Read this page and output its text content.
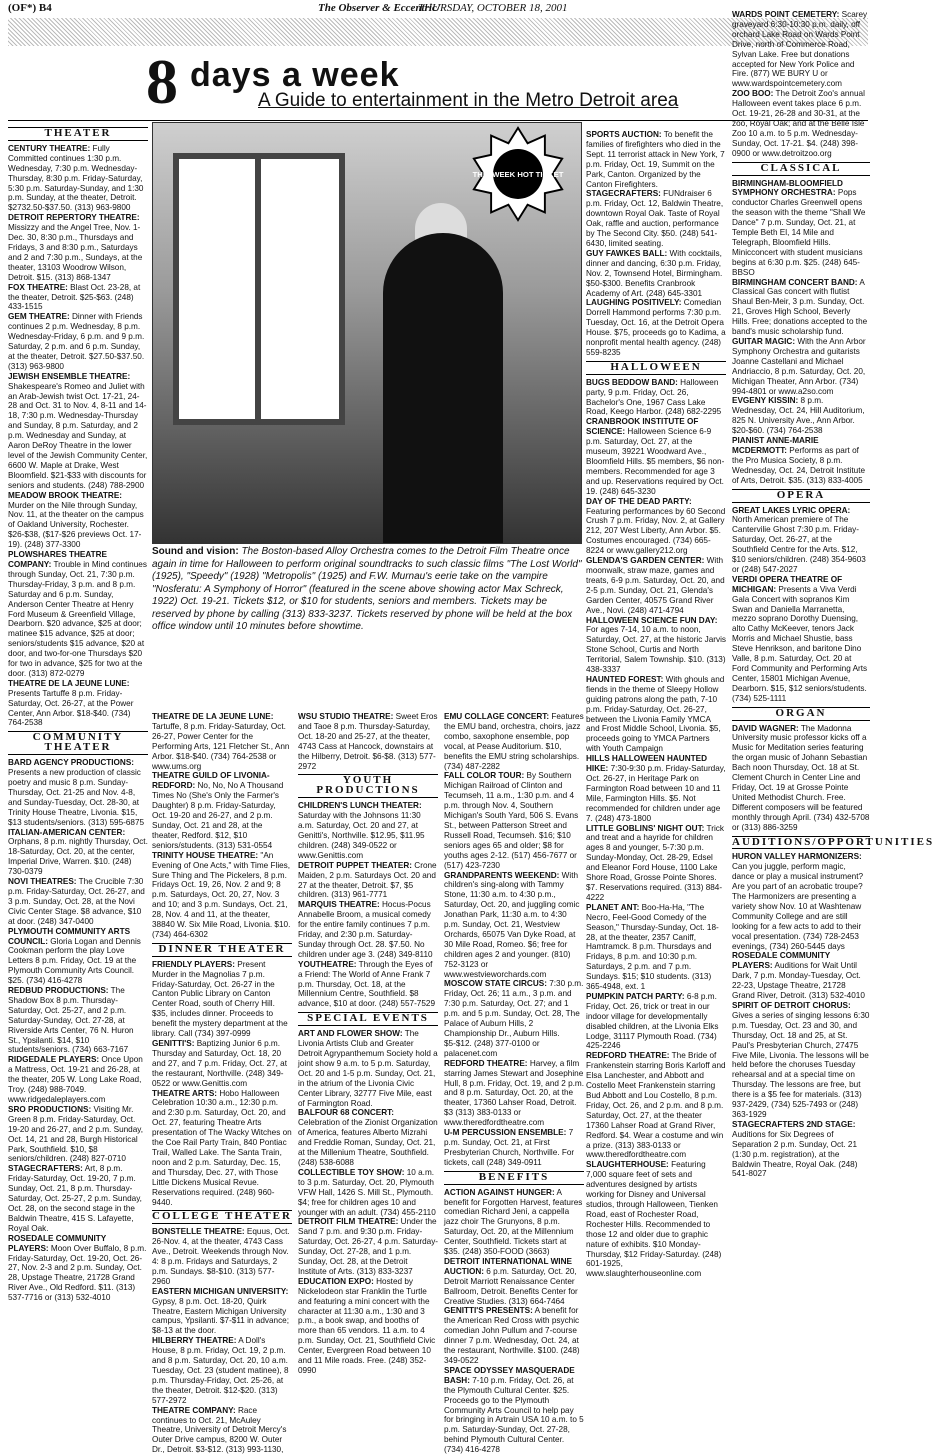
(OF*) B4	The Observer & Eccentric/
THURSDAY, OCTOBER 18, 2001
8 days a week
A Guide to entertainment in the Metro Detroit area
THIS WEEK HOT TICKET
Sound and vision: The Boston-based Alloy Orchestra comes to the Detroit Film Theatre once again in time for Halloween to perform original soundtracks to such classic films "The Lost World" (1925), "Speedy" (1928) "Metropolis" (1925) and F.W. Murnau's eerie take on the vampire "Nosferatu: A Symphony of Horror" (featured in the scene above showing actor Max Schreck, 1922) Oct. 19-21. Tickets $12, or $10 for students, seniors and members. Tickets may be reserved by phone by calling (313) 833-3237. Tickets reserved by phone will be held at the box office window until 10 minutes before showtime.
THEATER

CENTURY THEATRE: Fully Committed continues 1:30 p.m. Wednesday, 7:30 p.m. Wednesday-Thursday, 8:30 p.m. Friday-Saturday, 5:30 p.m. Saturday-Sunday, and 1:30 p.m. Sunday, at the theater, Detroit. $2732.50-$37.50. (313) 963-9800

DETROIT REPERTORY THEATRE: Missizzy and the Angel Tree, Nov. 1-Dec. 30, 8:30 p.m., Thursdays and Fridays, 3 and 8:30 p.m., Saturdays and 2 and 7:30 p.m., Sundays, at the theater, 13103 Woodrow Wilson, Detroit. $15. (313) 868-1347

FOX THEATRE: Blast Oct. 23-28, at the theater, Detroit. $25-$63. (248) 433-1515

GEM THEATRE: Dinner with Friends continues 2 p.m. Wednesday, 8 p.m. Wednesday-Friday, 6 p.m. and 9 p.m. Saturday, 2 p.m. and 6 p.m. Sunday, at the theater, Detroit. $27.50-$37.50. (313) 963-9800

JEWISH ENSEMBLE THEATRE: Shakespeare's Romeo and Juliet with an Arab-Jewish twist Oct. 17-21, 24-28 and Oct. 31 to Nov. 4, 8-11 and 14-18, 7:30 p.m. Wednesday-Thursday and Sunday, 8 p.m. Saturday, and 2 p.m. Wednesday and Sunday, at Aaron DeRoy Theatre in the lower level of the Jewish Community Center, 6600 W. Maple at Drake, West Bloomfield. $21-$33 with discounts for seniors and students. (248) 788-2900

MEADOW BROOK THEATRE: Murder on the Nile through Sunday, Nov. 11, at the theater on the campus of Oakland University, Rochester. $26-$38, ($17-$26 previews Oct. 17-19). (248) 377-3300

PLOWSHARES THEATRE COMPANY: Trouble in Mind continues through Sunday, Oct. 21, 7:30 p.m. Thursday-Friday, 3 p.m. and 8 p.m. Saturday and 6 p.m. Sunday, Anderson Center Theatre at Henry Ford Museum & Greenfield Village, Dearborn. $20 advance, $25 at door; matinee $15 advance, $25 at door; seniors/students $15 advance, $20 at door, and two-for-one Thursdays $20 for two in advance, $25 for two at the door. (313) 872-0279

THEATRE DE LA JEUNE LUNE: Presents Tartuffe 8 p.m. Friday-Saturday, Oct. 26-27, at the Power Center, Ann Arbor. $18-$40. (734) 764-2538

COMMUNITY THEATER

BARD AGENCY PRODUCTIONS: Presents a new production of classic poetry and music 8 p.m. Sunday-Thursday, Oct. 21-25 and Nov. 4-8, and Sunday-Tuesday, Oct. 28-30, at Trinity House Theatre, Livonia. $15, $13 students/seniors. (313) 595-6875

ITALIAN-AMERICAN CENTER: Orphans, 8 p.m. nightly Thursday, Oct. 18-Saturday, Oct. 20, at the center, Imperial Drive, Warren. $10. (248) 730-0379

NOVI THEATRES: The Crucible 7:30 p.m. Friday-Saturday, Oct. 26-27, and 3 p.m. Sunday, Oct. 28, at the Novi Civic Center Stage. $8 advance, $10 at door. (248) 347-0400

PLYMOUTH COMMUNITY ARTS COUNCIL: Gloria Logan and Dennis Cookman perform the play Love Letters 8 p.m. Friday, Oct. 19 at the Plymouth Community Arts Council. $25. (734) 416-4278

REDBUD PRODUCTIONS: The Shadow Box 8 p.m. Thursday-Saturday, Oct. 25-27, and 2 p.m. Saturday-Sunday, Oct. 27-28, at Riverside Arts Center, 76 N. Huron St., Ypsilanti. $14, $10 students/seniors. (734) 663-7167

RIDGEDALE PLAYERS: Once Upon a Mattress, Oct. 19-21 and 26-28, at the theater, 205 W. Long Lake Road, Troy. (248) 988-7049. www.ridgedaleplayers.com

SRO PRODUCTIONS: Visiting Mr. Green 8 p.m. Friday-Saturday, Oct. 19-20 and 26-27, and 2 p.m. Sunday, Oct. 14, 21 and 28, Burgh Historical Park, Southfield. $10, $8 seniors/children. (248) 827-0710

STAGECRAFTERS: Art, 8 p.m. Friday-Saturday, Oct. 19-20, 7 p.m. Sunday, Oct. 21, 8 p.m. Thursday-Saturday, Oct. 25-27, 2 p.m. Sunday, Oct. 28, on the second stage in the Baldwin Theatre, 415 S. Lafayette, Royal Oak.

ROSEDALE COMMUNITY PLAYERS: Moon Over Buffalo, 8 p.m. Friday-Saturday, Oct. 19-20, Oct. 26-27, Nov. 2-3 and 2 p.m. Sunday, Oct. 28, Upstage Theatre, 21728 Grand River Ave., Old Redford. $11. (313) 537-7716 or (313) 532-4010

THEATRE DE LA JEUNE LUNE: Tartuffe, 8 p.m. Friday-Saturday, Oct. 26-27, Power Center for the Performing Arts, 121 Fletcher St., Ann Arbor. $18-$40. (734) 764-2538 or www.ums.org

THEATRE GUILD OF LIVONIA-REDFORD: No, No, No A Thousand Times No (She's Only the Farmer's Daughter) 8 p.m. Friday-Saturday, Oct. 19-20 and 26-27, and 2 p.m. Sunday, Oct. 21 and 28, at the theater, Redford. $12, $10 seniors/students. (313) 531-0554

TRINITY HOUSE THEATRE: "An Evening of One Acts," with Time Flies, Sure Thing and The Pickelers, 8 p.m. Fridays Oct. 19, 26, Nov. 2 and 9; 8 p.m. Saturdays, Oct. 20, 27, Nov. 3 and 10; and 3 p.m. Sundays, Oct. 21, 28, Nov. 4 and 11, at the theater, 38840 W. Six Mile Road, Livonia. $10. (734) 464-6302

DINNER THEATER

FRIENDLY PLAYERS: Present Murder in the Magnolias 7 p.m. Friday-Saturday, Oct. 26-27 in the Canton Public Library on Canton Center Road, south of Cherry Hill. $35, includes dinner. Proceeds to benefit the mystery department at the library. Call (734) 397-0999

GENITTI'S: Baptizing Junior 6 p.m. Thursday and Saturday, Oct. 18, 20 and 27, and 7 p.m. Friday, Oct. 27, at the restaurant, Northville. (248) 349-0522 or www.Genittis.com

THEATRE ARTS: Hobo Halloween Celebration 10:30 a.m., 12:30 p.m. and 2:30 p.m. Saturday, Oct. 20, and Oct. 27, featuring Theatre Arts presentation of The Wacky Witches on the Coe Rail Party Train, 840 Pontiac Trail, Walled Lake. The Santa Train, noon and 2 p.m. Saturday, Dec. 15, and Thursday, Dec. 27, with Those Little Dickens Musical Revue. Reservations required. (248) 960-9440.

COLLEGE THEATER

BONSTELLE THEATRE: Equus, Oct. 26-Nov. 4, at the theater, 4743 Cass Ave., Detroit. Weekends through Nov. 4: 8 p.m. Fridays and Saturdays, 2 p.m. Sundays. $8-$10. (313) 577-2960

EASTERN MICHIGAN UNIVERSITY: Gypsy, 8 p.m. Oct. 18-20, Quirk Theatre, Eastern Michigan University campus, Ypsilanti. $7-$11 in advance; $8-13 at the door.

HILBERRY THEATRE: A Doll's House, 8 p.m. Friday, Oct. 19, 2 p.m. and 8 p.m. Saturday, Oct. 20, 10 a.m. Tuesday, Oct. 23 (student matinee), 8 p.m. Thursday-Friday, Oct. 25-26, at the theater, Detroit. $12-$20. (313) 577-2972

THEATRE COMPANY: Race continues to Oct. 21, McAuley Theatre, University of Detroit Mercy's Outer Drive campus, 8200 W. Outer Dr., Detroit. $3-$12. (313) 993-1130,

WSU STUDIO THEATRE: Sweet Eros and Taoe 8 p.m. Thursday-Saturday, Oct. 18-20 and 25-27, at the theater, 4743 Cass at Hancock, downstairs at the Hilberry, Detroit. $6-$8. (313) 577-2972

YOUTH PRODUCTIONS

CHILDREN'S LUNCH THEATER: Saturday with the Johnsons 11:30 a.m. Saturday, Oct. 20 and 27, at Genitti's, Northville. $12.95, $11.95 children. (248) 349-0522 or www.Genittis.com

DETROIT PUPPET THEATER: Crone Maiden, 2 p.m. Saturdays Oct. 20 and 27 at the theater, Detroit. $7, $5 children. (313) 961-7771

MARQUIS THEATRE: Hocus-Pocus Annabelle Broom, a musical comedy for the entire family continues 7 p.m. Friday, and 2:30 p.m. Saturday-Sunday through Oct. 28. $7.50. No children under age 3. (248) 349-8110

YOUTHEATRE: Through the Eyes of a Friend: The World of Anne Frank 7 p.m. Thursday, Oct. 18, at the Millennium Centre, Southfield. $8 advance, $10 at door. (248) 557-7529

SPECIAL EVENTS

ART AND FLOWER SHOW: The Livonia Artists Club and Greater Detroit Agrypanthemum Society hold a joint show 9 a.m. to 5 p.m. Saturday, Oct. 20 and 1-5 p.m. Sunday, Oct. 21, in the atrium of the Livonia Civic Center Library, 32777 Five Mile, east of Farmington Road.

BALFOUR 68 CONCERT: Celebration of the Zionist Organization of America, features Alberto Mizrahi and Freddie Roman, Sunday, Oct. 21, at the Millenium Theatre, Southfield. (248) 538-6088

COLLECTIBLE TOY SHOW: 10 a.m. to 3 p.m. Saturday, Oct. 20, Plymouth VFW Hall, 1426 S. Mill St., Plymouth. $4; free for children ages 10 and younger with an adult. (734) 455-2110

DETROIT FILM THEATRE: Under the Sand 7 p.m. and 9:30 p.m. Friday-Saturday, Oct. 26-27, 4 p.m. Saturday-Sunday, Oct. 27-28, and 1 p.m. Sunday, Oct. 28, at the Detroit Institute of Arts. (313) 833-3237

EDUCATION EXPO: Hosted by Nickelodeon star Franklin the Turtle and featuring a mini concert with the character at 11:30 a.m., 1:30 and 3 p.m., a book swap, and booths of more than 65 vendors. 11 a.m. to 4 p.m. Sunday, Oct. 21, Southfield Civic Center, Evergreen Road between 10 and 11 Mile roads. Free. (248) 352-0990

EMU COLLAGE CONCERT: Features the EMU band, orchestra, choirs, jazz combo, saxophone ensemble, pop vocal, at Pease Auditorium. $10, benefits the EMU string scholarships. (734) 487-2282

FALL COLOR TOUR: By Southern Michigan Railroad of Clinton and Tecumseh, 11 a.m., 1:30 p.m. and 4 p.m. through Nov. 4, Southern Michigan's South Yard, 506 S. Evans St., between Patterson Street and Russell Road, Tecumseh. $16; $10 seniors ages 65 and older; $8 for youths ages 2-12. (517) 456-7677 or (517) 423-7230

GRANDPARENTS WEEKEND: With children's sing-along with Tammy Stone, 11:30 a.m. to 4:30 p.m., Saturday, Oct. 20, and juggling comic Jonathan Park, 11:30 a.m. to 4:30 p.m. Sunday, Oct. 21, Westview Orchards, 65075 Van Dyke Road, at 30 Mile Road, Romeo. $6; free for children ages 2 and younger. (810) 752-3123 or www.westvieworchards.com

MOSCOW STATE CIRCUS: 7:30 p.m. Friday, Oct. 26; 11 a.m., 3 p.m. and 7:30 p.m. Saturday, Oct. 27; and 1 p.m. and 5 p.m. Sunday, Oct. 28, The Palace of Auburn Hills, 2 Championship Dr., Auburn Hills. $5-$12. (248) 377-0100 or palacenet.com

REDFORD THEATRE: Harvey, a film starring James Stewart and Josephine Hull, 8 p.m. Friday, Oct. 19, and 2 p.m. and 8 p.m. Saturday, Oct. 20, at the theater, 17360 Lahser Road, Detroit. $3 (313) 383-0133 or www.theredfordtheatre.com

U-M PERCUSSION ENSEMBLE: 7 p.m. Sunday, Oct. 21, at First Presbyterian Church, Northville. For tickets, call (248) 349-0911

BENEFITS

ACTION AGAINST HUNGER: A benefit for Forgotten Harvest, features comedian Richard Jeni, a cappella jazz choir The Grunyons, 8 p.m. Saturday, Oct. 20, at the Millennium Center, Southfield. Tickets start at $35. (248) 350-FOOD (3663)

DETROIT INTERNATIONAL WINE AUCTION: 6 p.m. Saturday, Oct. 20, Detroit Marriott Renaissance Center Ballroom, Detroit. Benefits Center for Creative Studies. (313) 664-7464

GENITTI'S PRESENTS: A benefit for the American Red Cross with psychic comedian John Pullum and 7-course dinner 7 p.m. Wednesday, Oct. 24, at the restaurant, Northville. $100. (248) 349-0522

SPACE ODYSSEY MASQUERADE BASH: 7-10 p.m. Friday, Oct. 26, at the Plymouth Cultural Center. $25. Proceeds go to the Plymouth Community Arts Council to help pay for bringing in Artrain USA 10 a.m. to 5 p.m. Saturday-Sunday, Oct. 27-28, behind Plymouth Cultural Center. (734) 416-4278

SPORTS AUCTION: To benefit the families of firefighters who died in the Sept. 11 terrorist attack in New York, 7 p.m. Friday, Oct. 19, Summit on the Park, Canton. Organized by the Canton Firefighters.

STAGECRAFTERS: FUNdraiser 6 p.m. Friday, Oct. 12, Baldwin Theatre, downtown Royal Oak. Taste of Royal Oak, raffle and auction, performance by The Second City. $50. (248) 541-6430, limited seating.

GUY FAWKES BALL: With cocktails, dinner and dancing, 6:30 p.m. Friday, Nov. 2, Townsend Hotel, Birmingham. $50-$300. Benefits Cranbrook Academy of Art. (248) 645-3301

LAUGHING POSITIVELY: Comedian Dorrell Hammond performs 7:30 p.m. Tuesday, Oct. 16, at the Detroit Opera House. $75, proceeds go to Kadima, a nonprofit mental health agency. (248) 559-8235

HALLOWEEN

BUGS BEDDOW BAND: Halloween party, 9 p.m. Friday, Oct. 26, Bachelor's One, 1967 Cass Lake Road, Keego Harbor. (248) 682-2295

CRANBROOK INSTITUTE OF SCIENCE: Halloween Science 6-9 p.m. Saturday, Oct. 27, at the museum, 39221 Woodward Ave., Bloomfield Hills. $5 members, $6 non-members. Recommended for age 3 and up. Reservations required by Oct. 19. (248) 645-3230

DAY OF THE DEAD PARTY: Featuring performances by 60 Second Crush 7 p.m. Friday, Nov. 2, at Gallery 212, 207 West Liberty, Ann Arbor. $5. Costumes encouraged. (734) 665-8224 or www.gallery212.org

GLENDA'S GARDEN CENTER: With moonwalk, straw maze, games and treats, 6-9 p.m. Saturday, Oct. 20, and 2-5 p.m. Sunday, Oct. 21, Glenda's Garden Center, 40575 Grand River Ave., Novi. (248) 471-4794

HALLOWEEN SCIENCE FUN DAY: For ages 7-14, 10 a.m. to noon, Saturday, Oct. 27, at the historic Jarvis Stone School, Curtis and North Territorial, Salem Township. $10. (313) 438-3337

HAUNTED FOREST: With ghouls and fiends in the theme of Sleepy Hollow guiding patrons along the path, 7-10 p.m. Friday-Saturday, Oct. 26-27, between the Livonia Family YMCA and Frost Middle School, Livonia. $5, proceeds going to YMCA Partners with Youth Campaign

HILLS HALLOWEEN HAUNTED HIKE: 7:30-9:30 p.m. Friday-Saturday, Oct. 26-27, in Heritage Park on Farmington Road between 10 and 11 Mile, Farmington Hills. $5. Not recommended for children under age 7. (248) 473-1800

LITTLE GOBLINS' NIGHT OUT: Trick and treat and a hayride for children ages 8 and younger, 5-7:30 p.m. Sunday-Monday, Oct. 28-29, Edsel and Eleanor Ford House, 1100 Lake Shore Road, Grosse Pointe Shores. $7. Reservations required. (313) 884-4222

PLANET ANT: Boo-Ha-Ha, "The Necro, Feel-Good Comedy of the Season," Thursday-Sunday, Oct. 18-28, at the theater, 2357 Caniff, Hamtramck. 8 p.m. Thursdays and Fridays, 8 p.m. and 10:30 p.m. Saturdays, 2 p.m. and 7 p.m. Sundays. $15; $10 students. (313) 365-4948, ext. 1

PUMPKIN PATCH PARTY: 6-8 p.m. Friday, Oct. 26, trick or treat in our indoor village for developmentally disabled children, at the Livonia Elks Lodge, 31117 Plymouth Road. (734) 425-2246

REDFORD THEATRE: The Bride of Frankenstein starring Boris Karloff and Elsa Lanchester, and Abbott and Costello Meet Frankenstein starring Bud Abbott and Lou Costello, 8 p.m. Friday, Oct. 26, and 2 p.m. and 8 p.m. Saturday, Oct. 27, at the theater 17360 Lahser Road at Grand River, Redford. $4. Wear a costume and win a prize. (313) 383-0133 or www.theredfordtheatre.com

SLAUGHTERHOUSE: Featuring 7,000 square feet of sets and adventures designed by artists working for Disney and Universal studios, through Halloween, Tienken Road, east of Rochester Road, Rochester Hills. Recommended to those 12 and older due to graphic nature of exhibits. $10 Monday-Thursday, $12 Friday-Saturday. (248) 601-1925, www.slaughterhouseonline.com

WARDS POINT CEMETERY: Scarey graveyard 6:30-10:30 p.m. daily, off orchard Lake Road on Wards Point Drive, north of Commerce Road, Sylvan Lake. Free but donations accepted for New York Police and Fire. (877) WE BURY U or www.wardspointcemetery.com

ZOO BOO: The Detroit Zoo's annual Halloween event takes place 6 p.m. Oct. 19-21, 26-28 and 30-31, at the zoo, Royal Oak; and at the Belle Isle Zoo 10 a.m. to 5 p.m. Wednesday-Sunday, Oct. 17-21. $4. (248) 398-0900 or www.detroitzoo.org

CLASSICAL

BIRMINGHAM-BLOOMFIELD SYMPHONY ORCHESTRA: Pops conductor Charles Greenwell opens the season with the theme "Shall We Dance" 7 p.m. Sunday, Oct. 21, at Temple Beth El, 14 Mile and Telegraph, Bloomfield Hills. Minicconcert with student musicians begins at 6:30 p.m. $25. (248) 645-BBSO

BIRMINGHAM CONCERT BAND: A Classical Gas concert with flutist Shaul Ben-Meir, 3 p.m. Sunday, Oct. 21, Groves High School, Beverly Hills. Free; donations accepted to the band's music scholarship fund.

GUITAR MAGIC: With the Ann Arbor Symphony Orchestra and guitarists Joanne Castellani and Michael Andriaccio, 8 p.m. Saturday, Oct. 20, Michigan Theater, Ann Arbor. (734) 994-4801 or www.a2so.com

EVGENY KISSIN: 8 p.m. Wednesday, Oct. 24, Hill Auditorium, 825 N. University Ave., Ann Arbor. $20-$60. (734) 764-2538

PIANIST ANNE-MARIE MCDERMOTT: Performs as part of the Pro Musica Society, 8 p.m. Wednesday, Oct. 24, Detroit Institute of Arts, Detroit. $35. (313) 833-4005

OPERA

GREAT LAKES LYRIC OPERA: North American premiere of The Cantervilie Ghost 7:30 p.m. Friday-Saturday, Oct. 26-27, at the Southfield Centre for the Arts. $12, $10 seniors/children. (248) 354-9603 or (248) 547-2027

VERDI OPERA THEATRE OF MICHIGAN: Presents a Viva Verdi Gala Concert with sopranos Kim Swan and Daniella Marranetta, mezzo soprano Dorothy Duensing, alto Cathy McKeever, tenors Jack Morris and Michael Shustie, bass Steve Henrikson, and baritone Dino Valle, 8 p.m. Saturday, Oct. 20 at Ford Community and Performing Arts Center, 15801 Michigan Avenue, Dearborn. $15, $12 seniors/students. (734) 525-1111

ORGAN

DAVID WAGNER: The Madonna University music professor kicks off a Music for Meditation series featuring the organ music of Johann Sebastian Bach noon Thursday, Oct. 18 at St. Clement Church in Center Line and Friday, Oct. 19 at Grosse Pointe United Methodist Church. Free. Different composers will be featured monthly through April. (734) 432-5708 or (313) 886-3259

AUDITIONS/OPPORTUNITIES

HURON VALLEY HARMONIZERS: Can you juggle, perform magic, dance or play a musical instrument? Are you part of an acrobatic troupe? The Harmonizers are presenting a variety show Nov. 10 at Washtenaw Community College and are still looking for a few acts to add to their vocal presentation. (734) 728-2453 evenings, (734) 260-5445 days

ROSEDALE COMMUNITY PLAYERS: Auditions for Wait Until Dark, 7 p.m. Monday-Tuesday, Oct. 22-23, Upstage Theatre, 21728 Grand River, Detroit. (313) 532-4010

SPIRIT OF DETROIT CHORUS: Gives a series of singing lessons 6:30 p.m. Tuesday, Oct. 23 and 30, and Thursday, Oct. 18 and 25, at St. Paul's Presbyterian Church, 27475 Five Mile, Livonia. The lessons will be held before the choruses Tuesday rehearsal and at a special time on Thursday. The lessons are free, but there is a $5 fee for materials. (313) 937-2429, (734) 525-7493 or (248) 363-1929

STAGECRAFTERS 2ND STAGE: Auditions for Six Degrees of Separation 2 p.m. Sunday, Oct. 21 (1:30 p.m. registration), at the Baldwin Theatre, Royal Oak. (248) 541-8027
